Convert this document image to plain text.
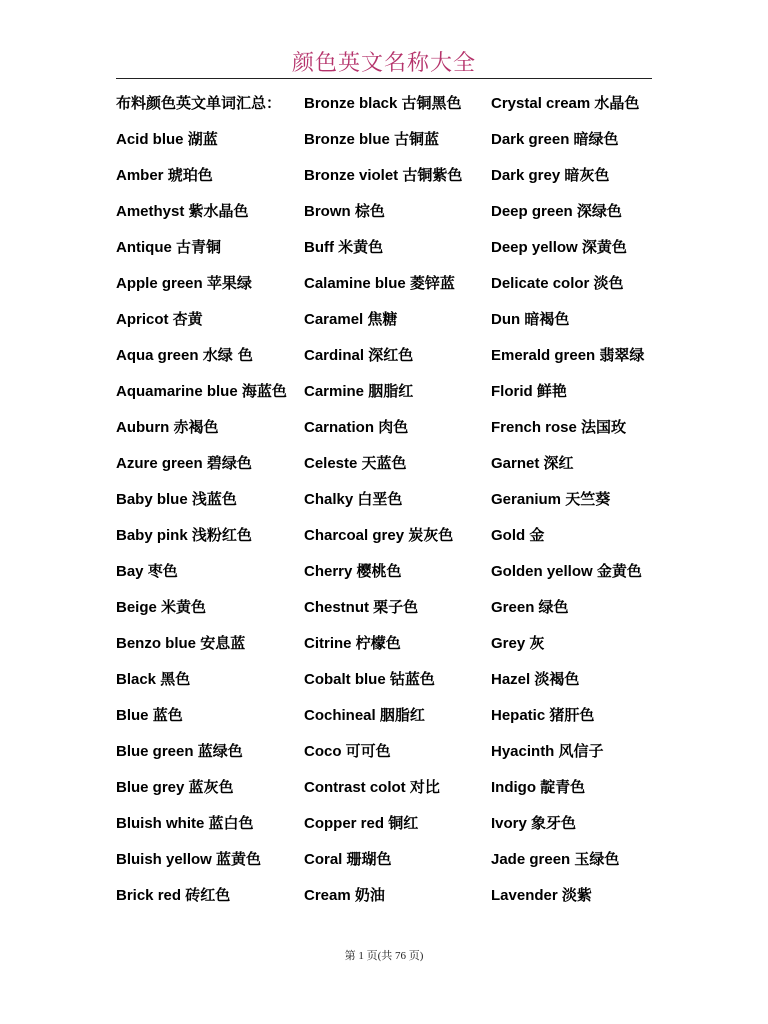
颜色英文名称大全
布料颜色英文单词汇总：
Acid blue 湖蓝
Amber 琥珀色
Amethyst 紫水晶色
Antique 古青铜
Apple green 苹果绿
Apricot 杏黄
Aqua green 水绿 色
Aquamarine blue 海蓝色
Auburn 赤褐色
Azure green 碧绿色
Baby blue 浅蓝色
Baby pink 浅粉红色
Bay 枣色
Beige 米黄色
Benzo blue 安息蓝
Black 黑色
Blue 蓝色
Blue green 蓝绿色
Blue grey 蓝灰色
Bluish white 蓝白色
Bluish yellow 蓝黄色
Brick red 砖红色
Bronze black 古铜黑色
Bronze blue 古铜蓝
Bronze violet 古铜紫色
Brown 棕色
Buff 米黄色
Calamine blue 菱锌蓝
Caramel 焦糖
Cardinal 深红色
Carmine 胭脂红
Carnation 肉色
Celeste 天蓝色
Chalky 白垩色
Charcoal grey 炭灰色
Cherry 樱桃色
Chestnut 栗子色
Citrine 柠檬色
Cobalt blue 钴蓝色
Cochineal 胭脂红
Coco 可可色
Contrast colot 对比
Copper red 铜红
Coral 珊瑚色
Cream 奶油
Crystal cream 水晶色
Dark green 暗绿色
Dark grey 暗灰色
Deep green 深绿色
Deep yellow 深黄色
Delicate color 淡色
Dun 暗褐色
Emerald green 翡翠绿
Florid 鲜艳
French rose 法国玫
Garnet 深红
Geranium 天竺葵
Gold 金
Golden yellow 金黄色
Green 绿色
Grey 灰
Hazel 淡褐色
Hepatic 猪肝色
Hyacinth 风信子
Indigo 靛青色
Ivory 象牙色
Jade green 玉绿色
Lavender 淡紫
第 1 页(共 76 页)
